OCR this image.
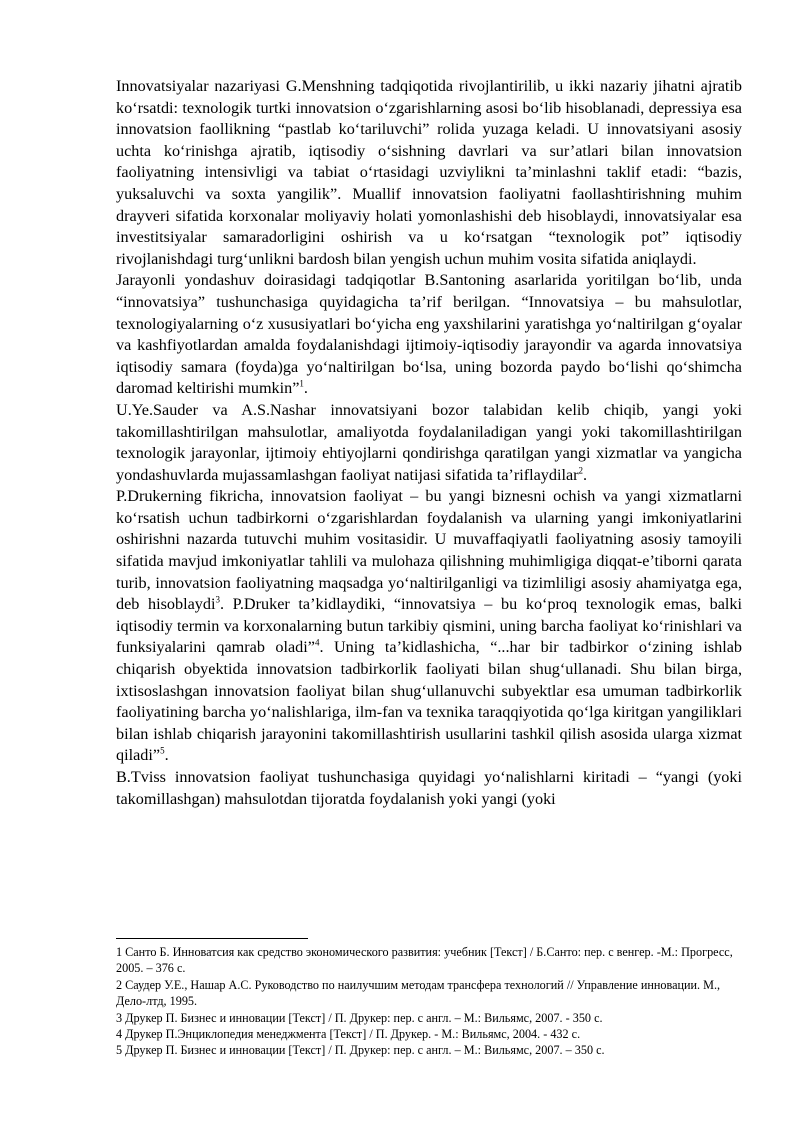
Innovatsiyalar nazariyasi G.Menshning tadqiqotida rivojlantirilib, u ikki nazariy jihatni ajratib ko‘rsatdi: texnologik turtki innovatsion o‘zgarishlarning asosi bo‘lib hisoblanadi, depressiya esa innovatsion faollikning “pastlab ko‘tariluvchi” rolida yuzaga keladi. U innovatsiyani asosiy uchta ko‘rinishga ajratib, iqtisodiy o‘sishning davrlari va sur’atlari bilan innovatsion faoliyatning intensivligi va tabiat o‘rtasidagi uzviylikni ta’minlashni taklif etadi: “bazis, yuksaluvchi va soxta yangilik”. Muallif innovatsion faoliyatni faollashtirishning muhim drayveri sifatida korxonalar moliyaviy holati yomonlashishi deb hisoblaydi, innovatsiyalar esa investitsiyalar samaradorligini oshirish va u ko‘rsatgan “texnologik pot” iqtisodiy rivojlanishdagi turg‘unlikni bardosh bilan yengish uchun muhim vosita sifatida aniqlaydi.

Jarayonli yondashuv doirasidagi tadqiqotlar B.Santoning asarlarida yoritilgan bo‘lib, unda “innovatsiya” tushunchasiga quyidagicha ta’rif berilgan. “Innovatsiya – bu mahsulotlar, texnologiyalarning o‘z xususiyatlari bo‘yicha eng yaxshilarini yaratishga yo‘naltirilgan g‘oyalar va kashfiyotlardan amalda foydalanishdagi ijtimoiy-iqtisodiy jarayondir va agarda innovatsiya iqtisodiy samara (foyda)ga yo‘naltirilgan bo‘lsa, uning bozorda paydo bo‘lishi qo‘shimcha daromad keltirishi mumkin”$^1$.

U.Ye.Sauder va A.S.Nashar innovatsiyani bozor talabidan kelib chiqib, yangi yoki takomillashtirilgan mahsulotlar, amaliyotda foydalaniladigan yangi yoki takomillashtirilgan texnologik jarayonlar, ijtimoiy ehtiyojlarni qondirishga qaratilgan yangi xizmatlar va yangicha yondashuvlarda mujassamlashgan faoliyat natijasi sifatida ta’riflaydilar$^2$.

P.Drukerning fikricha, innovatsion faoliyat – bu yangi biznesni ochish va yangi xizmatlarni ko‘rsatish uchun tadbirkorni o‘zgarishlardan foydalanish va ularning yangi imkoniyatlarini oshirishni nazarda tutuvchi muhim vositasidir. U muvaffaqiyatli faoliyatning asosiy tamoyili sifatida mavjud imkoniyatlar tahlili va mulohaza qilishning muhimligiga diqqat-e’tiborni qarata turib, innovatsion faoliyatning maqsadga yo‘naltirilganligi va tizimliligi asosiy ahamiyatga ega, deb hisoblaydi$^3$. P.Druker ta’kidlaydiki, “innovatsiya – bu ko‘proq texnologik emas, balki iqtisodiy termin va korxonalarning butun tarkibiy qismini, uning barcha faoliyat ko‘rinishlari va funksiyalarini qamrab oladi”$^4$. Uning ta’kidlashicha, “...har bir tadbirkor o‘zining ishlab chiqarish obyektida innovatsion tadbirkorlik faoliyati bilan shug‘ullanadi. Shu bilan birga, ixtisoslashgan innovatsion faoliyat bilan shug‘ullanuvchi subyektlar esa umuman tadbirkorlik faoliyatining barcha yo‘nalishlariga, ilm-fan va texnika taraqqiyotida qo‘lga kiritgan yangiliklari bilan ishlab chiqarish jarayonini takomillashtirish usullarini tashkil qilish asosida ularga xizmat qiladi”$^5$.

B.Tviss innovatsion faoliyat tushunchasiga quyidagi yo‘nalishlarni kiritadi – “yangi (yoki takomillashgan) mahsulotdan tijoratda foydalanish yoki yangi (yoki

1 Санто Б. Инноватсия как средство экономического развития: учебник [Текст] / Б.Санто: пер. с венгер. -М.: Прогресс, 2005. – 376 с.

2 Саудер У.Е., Нашар А.С. Руководство по наилучшим методам трансфера технологий // Управление инновации. М., Дело-лтд, 1995.

3 Друкер П. Бизнес и инновации [Текст] / П. Друкер: пер. с англ. – М.: Вильямс, 2007. - 350 с.

4 Друкер П.Энциклопедия менеджмента [Текст] / П. Друкер. - М.: Вильямс, 2004. - 432 с.

5 Друкер П. Бизнес и инновации [Текст] / П. Друкер: пер. с англ. – М.: Вильямс, 2007. – 350 с.
